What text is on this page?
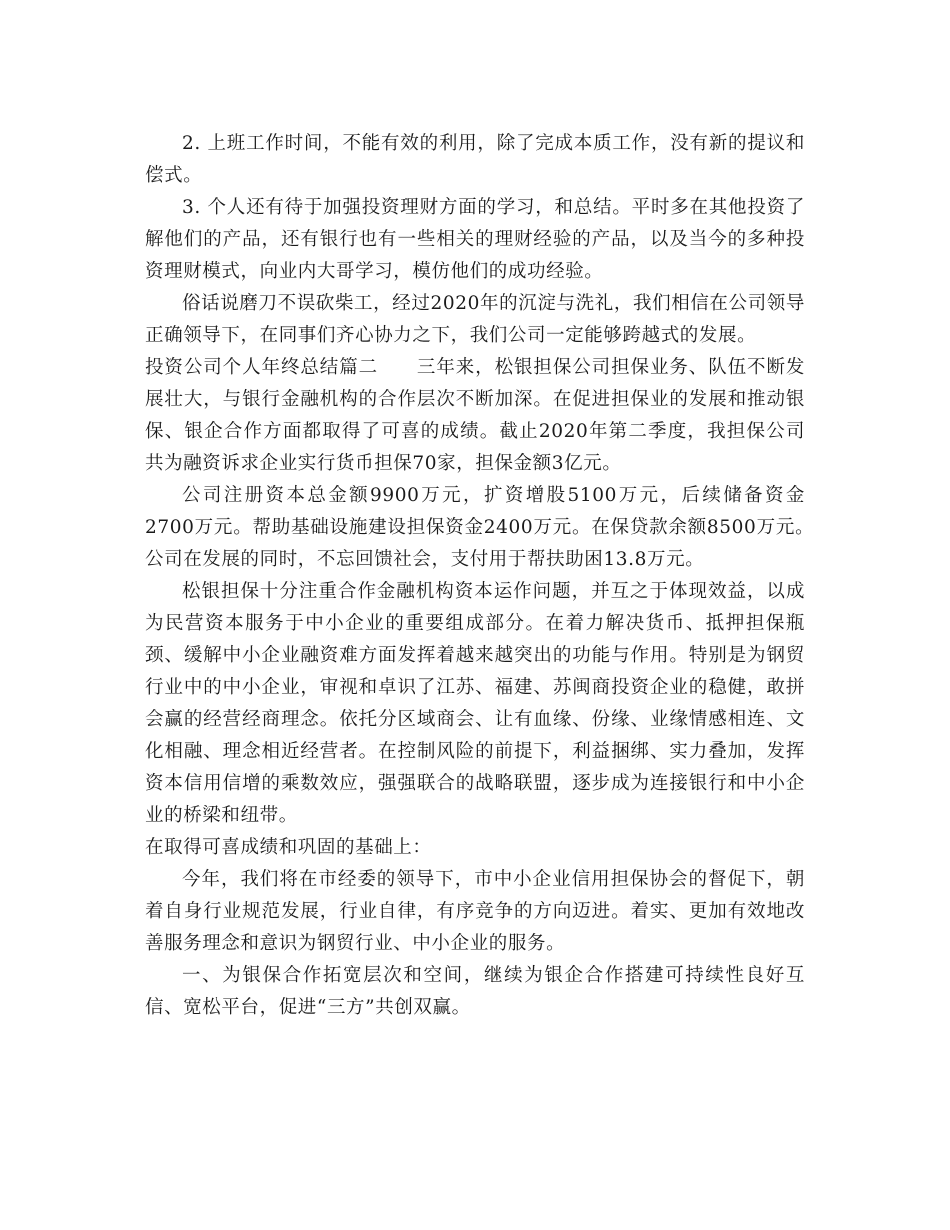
2. 上班工作时间，不能有效的利用，除了完成本质工作，没有新的提议和偿式。

3. 个人还有待于加强投资理财方面的学习，和总结。平时多在其他投资了解他们的产品，还有银行也有一些相关的理财经验的产品，以及当今的多种投资理财模式，向业内大哥学习，模仿他们的成功经验。

俗话说磨刀不误砍柴工，经过2020年的沉淀与洗礼，我们相信在公司领导正确领导下，在同事们齐心协力之下，我们公司一定能够跨越式的发展。

投资公司个人年终总结篇二　　三年来，松银担保公司担保业务、队伍不断发展壮大，与银行金融机构的合作层次不断加深。在促进担保业的发展和推动银保、银企合作方面都取得了可喜的成绩。截止2020年第二季度，我担保公司共为融资诉求企业实行货币担保70家，担保金额3亿元。

公司注册资本总金额9900万元，扩资增股5100万元，后续储备资金2700万元。帮助基础设施建设担保资金2400万元。在保贷款余额8500万元。　公司在发展的同时，不忘回馈社会，支付用于帮扶助困13.8万元。

松银担保十分注重合作金融机构资本运作问题，并互之于体现效益，以成为民营资本服务于中小企业的重要组成部分。在着力解决货币、抵押担保瓶颈、缓解中小企业融资难方面发挥着越来越突出的功能与作用。特别是为钢贸行业中的中小企业，审视和卓识了江苏、福建、苏闽商投资企业的稳健，敢拼会赢的经营经商理念。依托分区域商会、让有血缘、份缘、业缘情感相连、文化相融、理念相近经营者。在控制风险的前提下，利益捆绑、实力叠加，发挥资本信用信增的乘数效应，强强联合的战略联盟，逐步成为连接银行和中小企业的桥梁和纽带。

在取得可喜成绩和巩固的基础上：

今年，我们将在市经委的领导下，市中小企业信用担保协会的督促下，朝着自身行业规范发展，行业自律，有序竞争的方向迈进。着实、更加有效地改善服务理念和意识为钢贸行业、中小企业的服务。

一、为银保合作拓宽层次和空间，继续为银企合作搭建可持续性良好互信、宽松平台，促进“三方”共创双赢。
